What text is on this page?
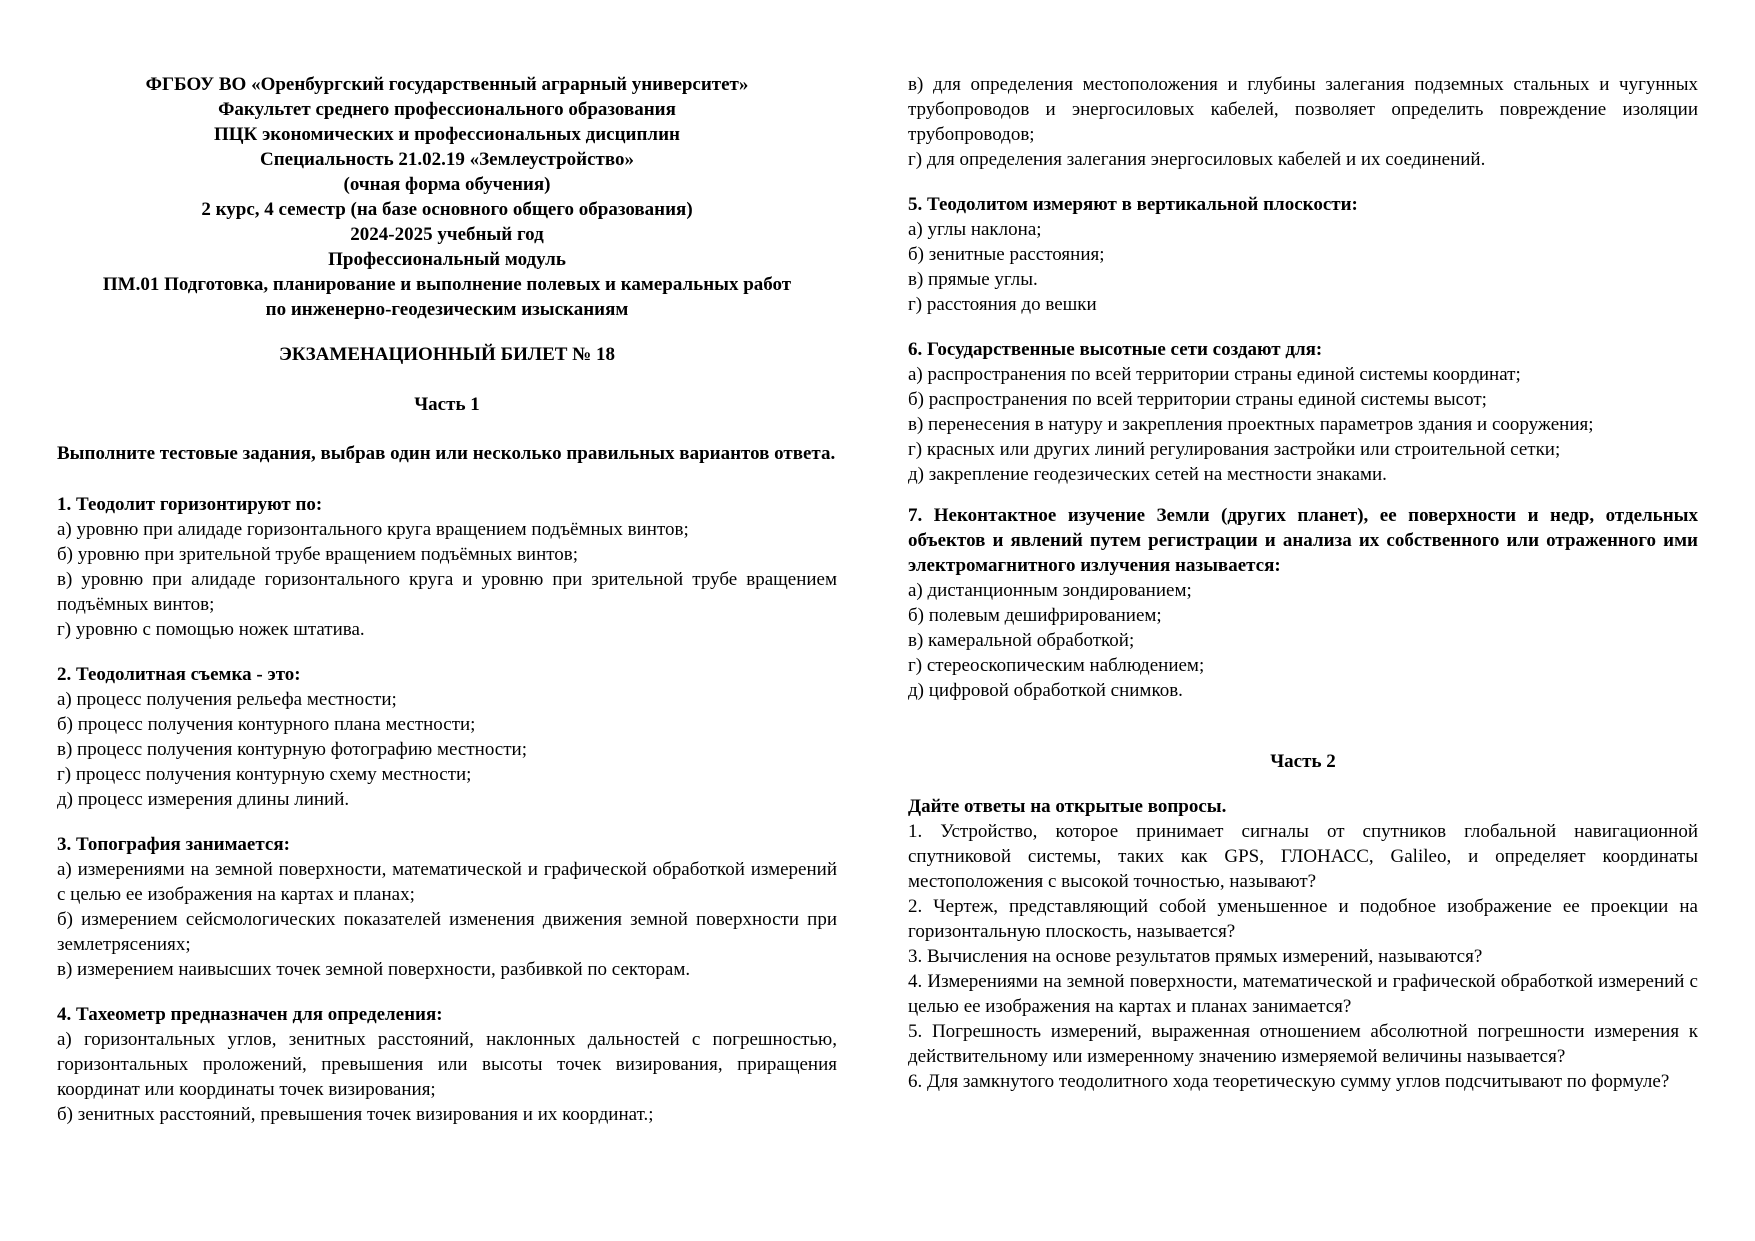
ФГБОУ ВО «Оренбургский государственный аграрный университет»
Факультет среднего профессионального образования
ПЦК экономических и профессиональных дисциплин
Специальность 21.02.19 «Землеустройство»
(очная форма обучения)
2 курс, 4 семестр (на базе основного общего образования)
2024-2025 учебный год
Профессиональный модуль
ПМ.01 Подготовка, планирование и выполнение полевых и камеральных работ
по инженерно-геодезическим изысканиям
ЭКЗАМЕНАЦИОННЫЙ БИЛЕТ № 18
Часть 1
Выполните тестовые задания, выбрав один или несколько правильных вариантов ответа.
1. Теодолит горизонтируют по:
а) уровню при алидаде горизонтального круга вращением подъёмных винтов;
б) уровню при зрительной трубе вращением подъёмных винтов;
в) уровню при алидаде горизонтального круга и уровню при зрительной трубе вращением подъёмных винтов;
г) уровню с помощью ножек штатива.
2. Теодолитная съемка - это:
а) процесс получения рельефа местности;
б) процесс получения контурного плана местности;
в) процесс получения контурную фотографию местности;
г) процесс получения контурную схему местности;
д) процесс измерения длины линий.
3. Топография занимается:
а) измерениями на земной поверхности, математической и графической обработкой измерений с целью ее изображения на картах и планах;
б) измерением сейсмологических показателей изменения движения земной поверхности при землетрясениях;
в) измерением наивысших точек земной поверхности, разбивкой по секторам.
4. Тахеометр предназначен для определения:
а) горизонтальных углов, зенитных расстояний, наклонных дальностей с погрешностью, горизонтальных проложений, превышения или высоты точек визирования, приращения координат или координаты точек визирования;
б) зенитных расстояний, превышения точек визирования и их координат.;
в) для определения местоположения и глубины залегания подземных стальных и чугунных трубопроводов и энергосиловых кабелей, позволяет определить повреждение изоляции трубопроводов;
г) для определения залегания энергосиловых кабелей и их соединений.
5. Теодолитом измеряют в вертикальной плоскости:
а) углы наклона;
б) зенитные расстояния;
в) прямые углы.
г) расстояния до вешки
6. Государственные высотные сети создают для:
а) распространения по всей территории страны единой системы координат;
б) распространения по всей территории страны единой системы высот;
в) перенесения в натуру и закрепления проектных параметров здания и сооружения;
г) красных или других линий регулирования застройки или строительной сетки;
д) закрепление геодезических сетей на местности знаками.
7. Неконтактное изучение Земли (других планет), ее поверхности и недр, отдельных объектов и явлений путем регистрации и анализа их собственного или отраженного ими электромагнитного излучения называется:
а) дистанционным зондированием;
б) полевым дешифрированием;
в) камеральной обработкой;
г) стереоскопическим наблюдением;
д) цифровой обработкой снимков.
Часть 2
Дайте ответы на открытые вопросы.
1. Устройство, которое принимает сигналы от спутников глобальной навигационной спутниковой системы, таких как GPS, ГЛОНАСС, Galileo, и определяет координаты местоположения с высокой точностью, называют?
2. Чертеж, представляющий собой уменьшенное и подобное изображение ее проекции на горизонтальную плоскость, называется?
3. Вычисления на основе результатов прямых измерений, называются?
4. Измерениями на земной поверхности, математической и графической обработкой измерений с целью ее изображения на картах и планах занимается?
5. Погрешность измерений, выраженная отношением абсолютной погрешности измерения к действительному или измеренному значению измеряемой величины называется?
6. Для замкнутого теодолитного хода теоретическую сумму углов подсчитывают по формуле?
